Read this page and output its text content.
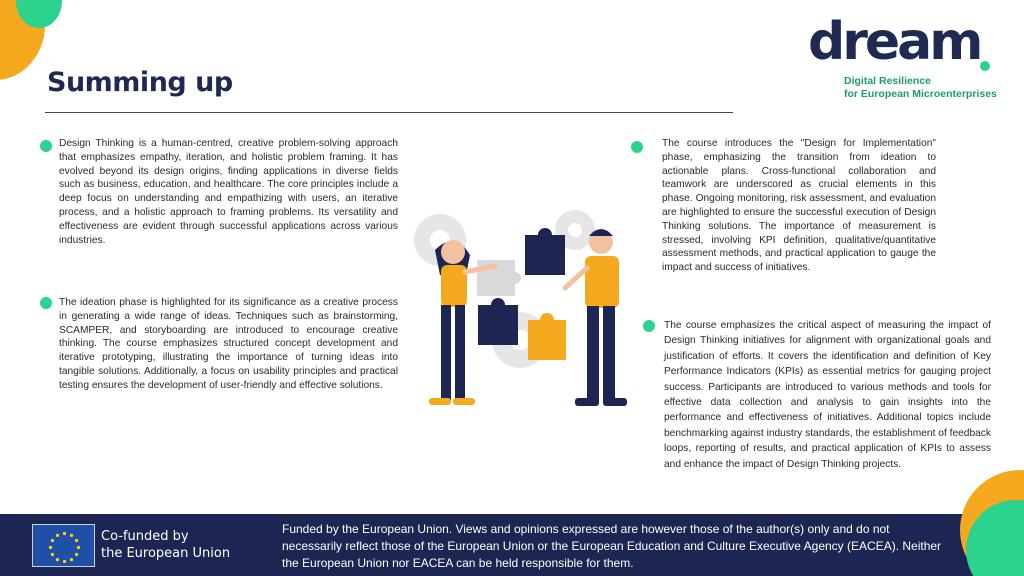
Summing up
dream
Digital Resilience
for European Microenterprises

Design Thinking is a human-centred, creative problem-solving approach that emphasizes empathy, iteration, and holistic problem framing. It has evolved beyond its design origins, finding applications in diverse fields such as business, education, and healthcare. The core principles include a deep focus on understanding and empathizing with users, an iterative process, and a holistic approach to framing problems. Its versatility and effectiveness are evident through successful applications across various industries.

The ideation phase is highlighted for its significance as a creative process in generating a wide range of ideas. Techniques such as brainstorming, SCAMPER, and storyboarding are introduced to encourage creative thinking. The course emphasizes structured concept development and iterative prototyping, illustrating the importance of turning ideas into tangible solutions. Additionally, a focus on usability principles and practical testing ensures the development of user-friendly and effective solutions.

The course introduces the "Design for Implementation" phase, emphasizing the transition from ideation to actionable plans. Cross-functional collaboration and teamwork are underscored as crucial elements in this phase. Ongoing monitoring, risk assessment, and evaluation are highlighted to ensure the successful execution of Design Thinking solutions. The importance of measurement is stressed, involving KPI definition, qualitative/quantitative assessment methods, and practical application to gauge the impact and success of initiatives.

The course emphasizes the critical aspect of measuring the impact of Design Thinking initiatives for alignment with organizational goals and justification of efforts. It covers the identification and definition of Key Performance Indicators (KPIs) as essential metrics for gauging project success. Participants are introduced to various methods and tools for effective data collection and analysis to gain insights into the performance and effectiveness of initiatives. Additional topics include benchmarking against industry standards, the establishment of feedback loops, reporting of results, and practical application of KPIs to assess and enhance the impact of Design Thinking projects.

Co-funded by
the European Union

Funded by the European Union. Views and opinions expressed are however those of the author(s) only and do not necessarily reflect those of the European Union or the European Education and Culture Executive Agency (EACEA). Neither the European Union nor EACEA can be held responsible for them.
